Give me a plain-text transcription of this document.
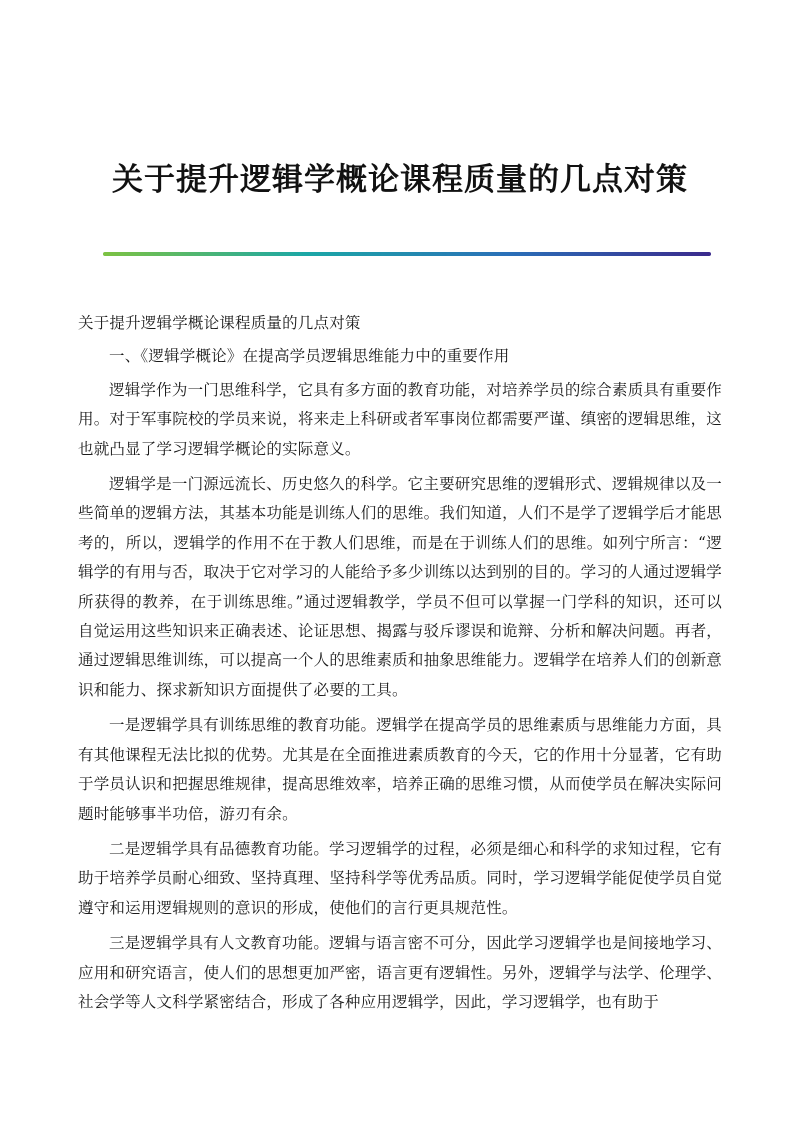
关于提升逻辑学概论课程质量的几点对策

关于提升逻辑学概论课程质量的几点对策

一、《逻辑学概论》在提高学员逻辑思维能力中的重要作用

逻辑学作为一门思维科学，它具有多方面的教育功能，对培养学员的综合素质具有重要作用。对于军事院校的学员来说，将来走上科研或者军事岗位都需要严谨、缜密的逻辑思维，这也就凸显了学习逻辑学概论的实际意义。

逻辑学是一门源远流长、历史悠久的科学。它主要研究思维的逻辑形式、逻辑规律以及一些简单的逻辑方法，其基本功能是训练人们的思维。我们知道，人们不是学了逻辑学后才能思考的，所以，逻辑学的作用不在于教人们思维，而是在于训练人们的思维。如列宁所言：“逻辑学的有用与否，取决于它对学习的人能给予多少训练以达到别的目的。学习的人通过逻辑学所获得的教养，在于训练思维。”通过逻辑教学，学员不但可以掌握一门学科的知识，还可以自觉运用这些知识来正确表述、论证思想、揭露与驳斥谬误和诡辩、分析和解决问题。再者，通过逻辑思维训练，可以提高一个人的思维素质和抽象思维能力。逻辑学在培养人们的创新意识和能力、探求新知识方面提供了必要的工具。

一是逻辑学具有训练思维的教育功能。逻辑学在提高学员的思维素质与思维能力方面，具有其他课程无法比拟的优势。尤其是在全面推进素质教育的今天，它的作用十分显著，它有助于学员认识和把握思维规律，提高思维效率，培养正确的思维习惯，从而使学员在解决实际问题时能够事半功倍，游刃有余。

二是逻辑学具有品德教育功能。学习逻辑学的过程，必须是细心和科学的求知过程，它有助于培养学员耐心细致、坚持真理、坚持科学等优秀品质。同时，学习逻辑学能促使学员自觉遵守和运用逻辑规则的意识的形成，使他们的言行更具规范性。

三是逻辑学具有人文教育功能。逻辑与语言密不可分，因此学习逻辑学也是间接地学习、应用和研究语言，使人们的思想更加严密，语言更有逻辑性。另外，逻辑学与法学、伦理学、社会学等人文科学紧密结合，形成了各种应用逻辑学，因此，学习逻辑学，也有助于
